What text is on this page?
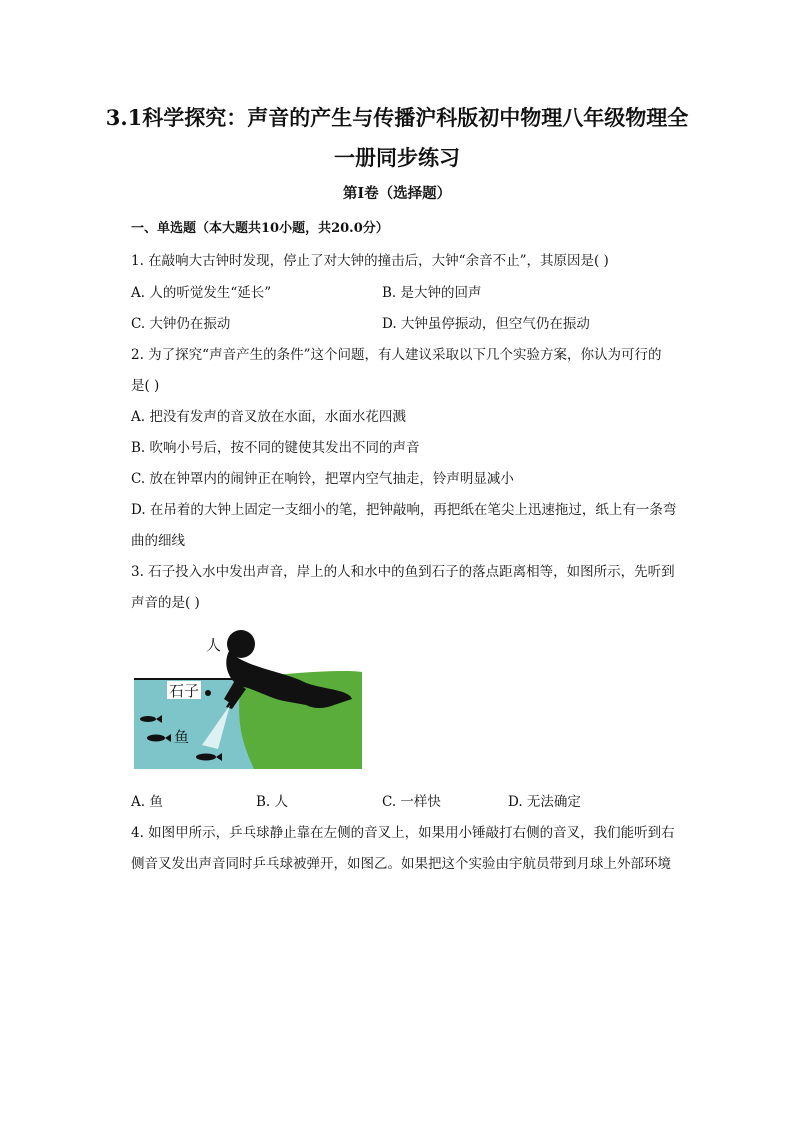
3.1科学探究：声音的产生与传播沪科版初中物理八年级物理全
一册同步练习
第Ⅰ卷（选择题）
一、单选题（本大题共10小题，共20.0分）
1. 在敲响大古钟时发现，停止了对大钟的撞击后，大钟“余音不止”，其原因是( )
A. 人的听觉发生“延长”	B. 是大钟的回声
C. 大钟仍在振动	D. 大钟虽停振动，但空气仍在振动
2. 为了探究“声音产生的条件”这个问题，有人建议采取以下几个实验方案，你认为可行的
是( )
A. 把没有发声的音叉放在水面，水面水花四溅
B. 吹响小号后，按不同的键使其发出不同的声音
C. 放在钟罩内的闹钟正在响铃，把罩内空气抽走，铃声明显减小
D. 在吊着的大钟上固定一支细小的笔，把钟敲响，再把纸在笔尖上迅速拖过，纸上有一条弯
曲的细线
3. 石子投入水中发出声音，岸上的人和水中的鱼到石子的落点距离相等，如图所示，先听到
声音的是( )
人
石子
鱼
A. 鱼	B. 人	C. 一样快	D. 无法确定
4. 如图甲所示，乒乓球静止靠在左侧的音叉上，如果用小锤敲打右侧的音叉，我们能听到右
侧音叉发出声音同时乒乓球被弹开，如图乙。如果把这个实验由宇航员带到月球上外部环境
